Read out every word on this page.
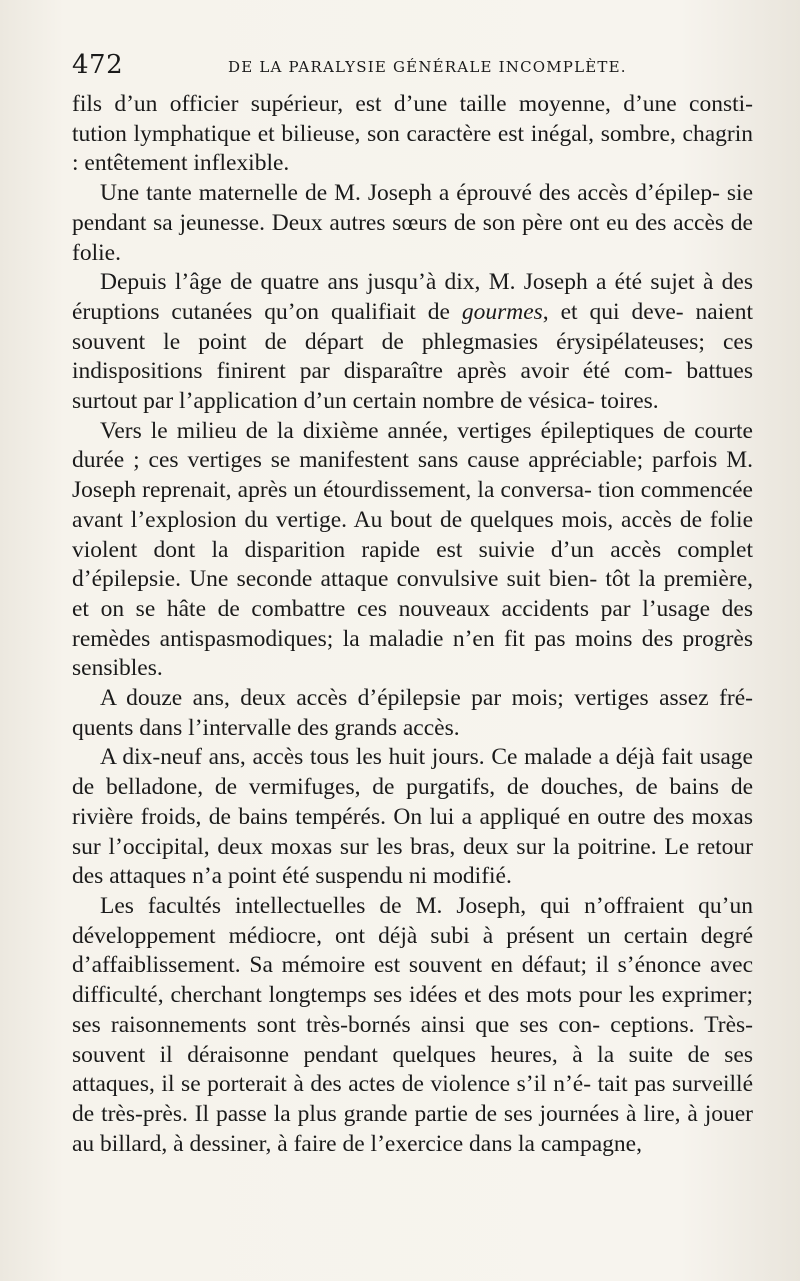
472	DE LA PARALYSIE GÉNÉRALE INCOMPLÈTE.

fils d’un officier supérieur, est d’une taille moyenne, d’une consti- tution lymphatique et bilieuse, son caractère est inégal, sombre, chagrin : entêtement inflexible.

Une tante maternelle de M. Joseph a éprouvé des accès d’épilep- sie pendant sa jeunesse. Deux autres sœurs de son père ont eu des accès de folie.

Depuis l’âge de quatre ans jusqu’à dix, M. Joseph a été sujet à des éruptions cutanées qu’on qualifiait de gourmes, et qui deve- naient souvent le point de départ de phlegmasies érysipélateuses; ces indispositions finirent par disparaître après avoir été com- battues surtout par l’application d’un certain nombre de vésica- toires.

Vers le milieu de la dixième année, vertiges épileptiques de courte durée ; ces vertiges se manifestent sans cause appréciable; parfois M. Joseph reprenait, après un étourdissement, la conversa- tion commencée avant l’explosion du vertige. Au bout de quelques mois, accès de folie violent dont la disparition rapide est suivie d’un accès complet d’épilepsie. Une seconde attaque convulsive suit bien- tôt la première, et on se hâte de combattre ces nouveaux accidents par l’usage des remèdes antispasmodiques; la maladie n’en fit pas moins des progrès sensibles.

A douze ans, deux accès d’épilepsie par mois; vertiges assez fré- quents dans l’intervalle des grands accès.

A dix-neuf ans, accès tous les huit jours. Ce malade a déjà fait usage de belladone, de vermifuges, de purgatifs, de douches, de bains de rivière froids, de bains tempérés. On lui a appliqué en outre des moxas sur l’occipital, deux moxas sur les bras, deux sur la poitrine. Le retour des attaques n’a point été suspendu ni modifié.

Les facultés intellectuelles de M. Joseph, qui n’offraient qu’un développement médiocre, ont déjà subi à présent un certain degré d’affaiblissement. Sa mémoire est souvent en défaut; il s’énonce avec difficulté, cherchant longtemps ses idées et des mots pour les exprimer; ses raisonnements sont très-bornés ainsi que ses con- ceptions. Très-souvent il déraisonne pendant quelques heures, à la suite de ses attaques, il se porterait à des actes de violence s’il n’é- tait pas surveillé de très-près. Il passe la plus grande partie de ses journées à lire, à jouer au billard, à dessiner, à faire de l’exercice dans la campagne,
